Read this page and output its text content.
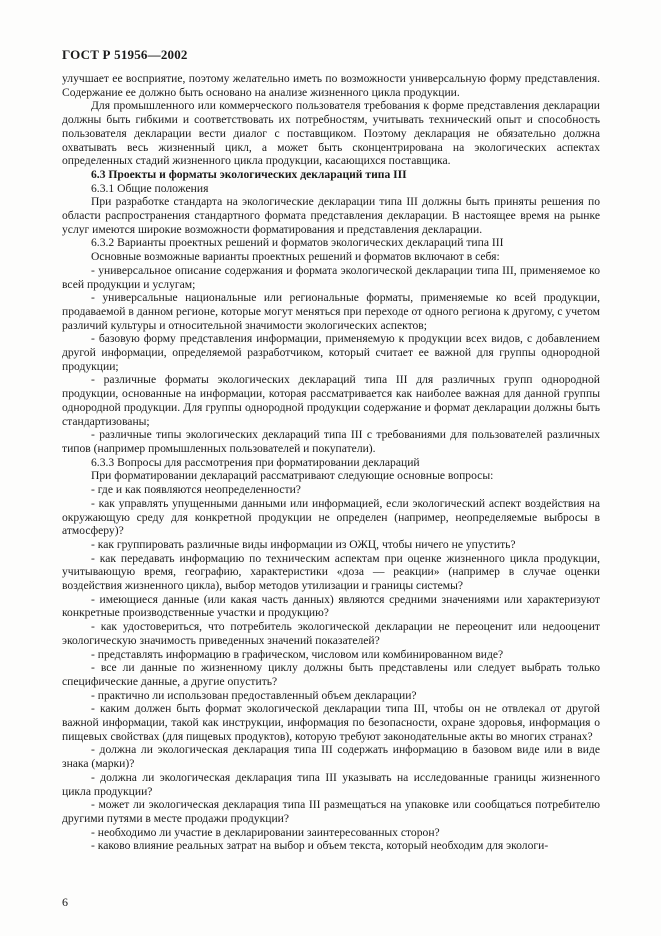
ГОСТ Р 51956—2002

улучшает ее восприятие, поэтому желательно иметь по возможности универсальную форму представления. Содержание ее должно быть основано на анализе жизненного цикла продукции.

Для промышленного или коммерческого пользователя требования к форме представления декларации должны быть гибкими и соответствовать их потребностям, учитывать технический опыт и способность пользователя декларации вести диалог с поставщиком. Поэтому декларация не обязательно должна охватывать весь жизненный цикл, а может быть сконцентрирована на экологических аспектах определенных стадий жизненного цикла продукции, касающихся поставщика.

6.3 Проекты и форматы экологических деклараций типа III

6.3.1 Общие положения

При разработке стандарта на экологические декларации типа III должны быть приняты решения по области распространения стандартного формата представления декларации. В настоящее время на рынке услуг имеются широкие возможности форматирования и представления декларации.

6.3.2 Варианты проектных решений и форматов экологических деклараций типа III

Основные возможные варианты проектных решений и форматов включают в себя:

- универсальное описание содержания и формата экологической декларации типа III, применяемое ко всей продукции и услугам;

- универсальные национальные или региональные форматы, применяемые ко всей продукции, продаваемой в данном регионе, которые могут меняться при переходе от одного региона к другому, с учетом различий культуры и относительной значимости экологических аспектов;

- базовую форму представления информации, применяемую к продукции всех видов, с добавлением другой информации, определяемой разработчиком, который считает ее важной для группы однородной продукции;

- различные форматы экологических деклараций типа III для различных групп однородной продукции, основанные на информации, которая рассматривается как наиболее важная для данной группы однородной продукции. Для группы однородной продукции содержание и формат декларации должны быть стандартизованы;

- различные типы экологических деклараций типа III с требованиями для пользователей различных типов (например промышленных пользователей и покупатели).

6.3.3 Вопросы для рассмотрения при форматировании деклараций

При форматировании деклараций рассматривают следующие основные вопросы:

- где и как появляются неопределенности?

- как управлять упущенными данными или информацией, если экологический аспект воздействия на окружающую среду для конкретной продукции не определен (например, неопределяемые выбросы в атмосферу)?

- как группировать различные виды информации из ОЖЦ, чтобы ничего не упустить?

- как передавать информацию по техническим аспектам при оценке жизненного цикла продукции, учитывающую время, географию, характеристики «доза — реакции» (например в случае оценки воздействия жизненного цикла), выбор методов утилизации и границы системы?

- имеющиеся данные (или какая часть данных) являются средними значениями или характеризуют конкретные производственные участки и продукцию?

- как удостовериться, что потребитель экологической декларации не переоценит или недооценит экологическую значимость приведенных значений показателей?

- представлять информацию в графическом, числовом или комбинированном виде?

- все ли данные по жизненному циклу должны быть представлены или следует выбрать только специфические данные, а другие опустить?

- практично ли использован предоставленный объем декларации?

- каким должен быть формат экологической декларации типа III, чтобы он не отвлекал от другой важной информации, такой как инструкции, информация по безопасности, охране здоровья, информация о пищевых свойствах (для пищевых продуктов), которую требуют законодательные акты во многих странах?

- должна ли экологическая декларация типа III содержать информацию в базовом виде или в виде знака (марки)?

- должна ли экологическая декларация типа III указывать на исследованные границы жизненного цикла продукции?

- может ли экологическая декларация типа III размещаться на упаковке или сообщаться потребителю другими путями в месте продажи продукции?

- необходимо ли участие в декларировании заинтересованных сторон?

- каково влияние реальных затрат на выбор и объем текста, который необходим для экологи-

6
